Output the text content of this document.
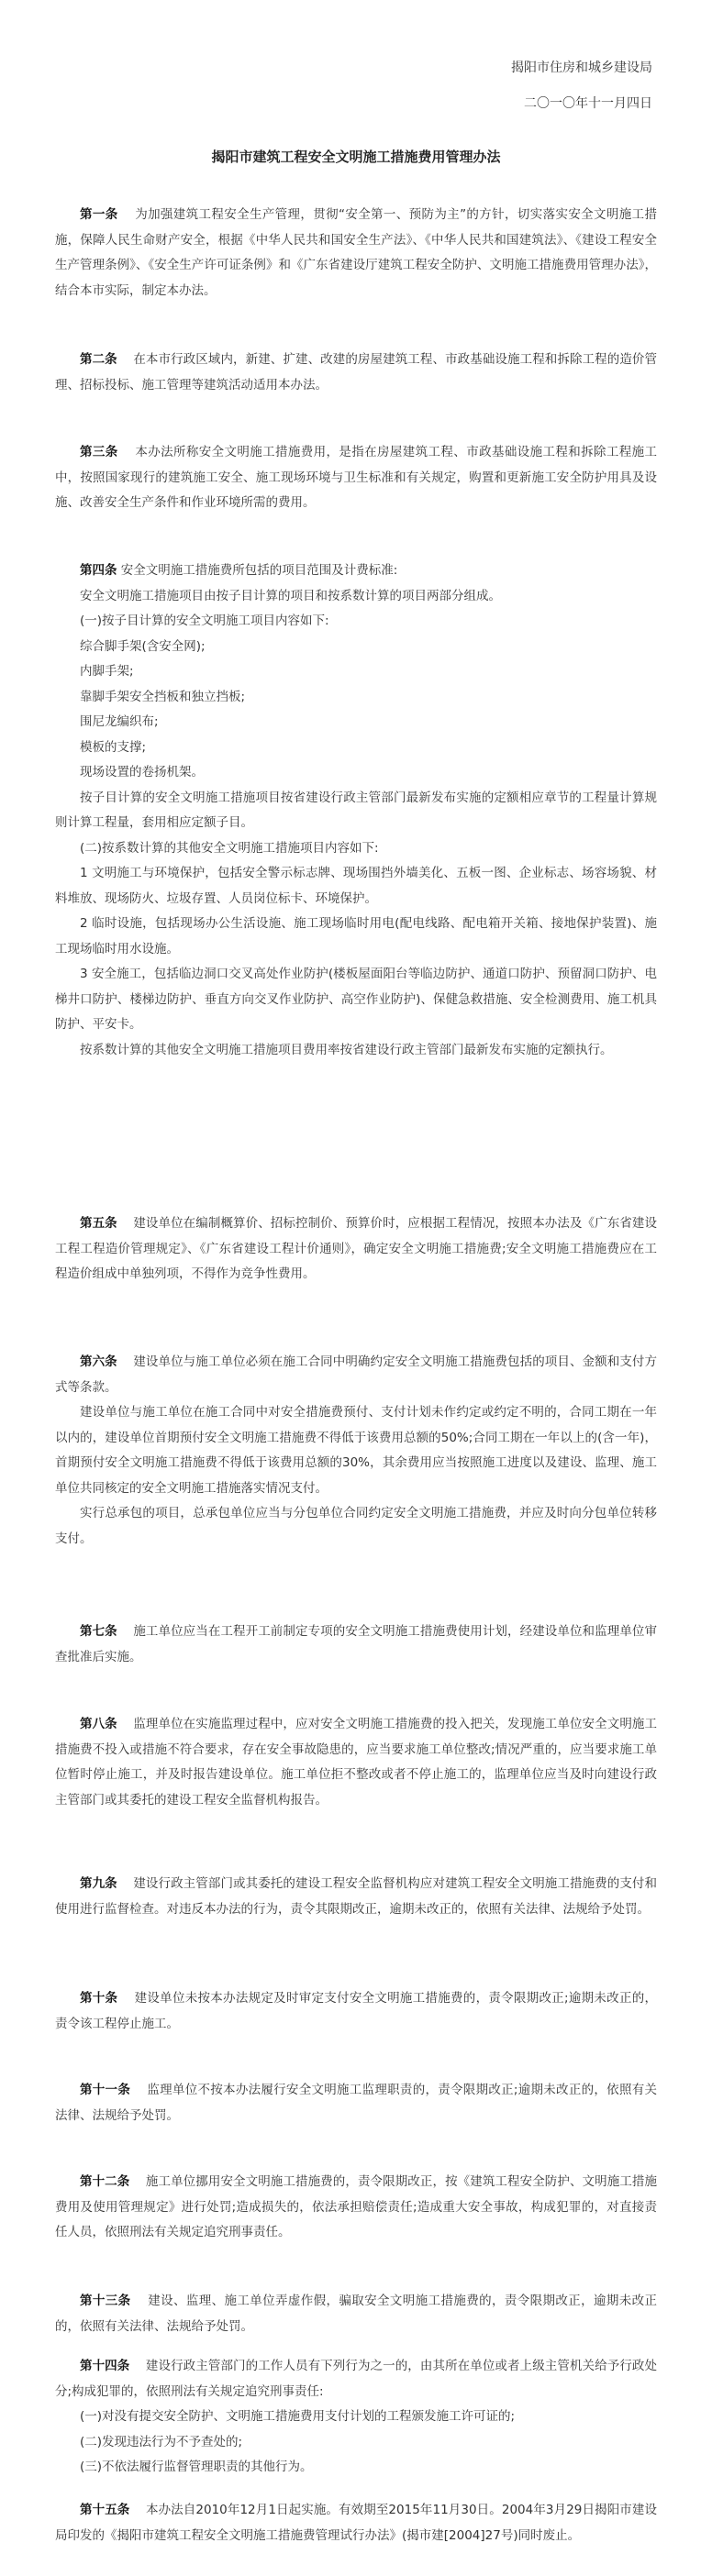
揭阳市住房和城乡建设局
二〇一〇年十一月四日
揭阳市建筑工程安全文明施工措施费用管理办法

第一条 为加强建筑工程安全生产管理，贯彻“安全第一、预防为主”的方针，切实落实安全文明施工措施，保障人民生命财产安全，根据《中华人民共和国安全生产法》、《中华人民共和国建筑法》、《建设工程安全生产管理条例》、《安全生产许可证条例》和《广东省建设厅建筑工程安全防护、文明施工措施费用管理办法》，结合本市实际，制定本办法。

第二条 在本市行政区域内，新建、扩建、改建的房屋建筑工程、市政基础设施工程和拆除工程的造价管理、招标投标、施工管理等建筑活动适用本办法。

第三条 本办法所称安全文明施工措施费用，是指在房屋建筑工程、市政基础设施工程和拆除工程施工中，按照国家现行的建筑施工安全、施工现场环境与卫生标准和有关规定，购置和更新施工安全防护用具及设施、改善安全生产条件和作业环境所需的费用。

第四条 安全文明施工措施费所包括的项目范围及计费标准:

安全文明施工措施项目由按子目计算的项目和按系数计算的项目两部分组成。

(一)按子目计算的安全文明施工项目内容如下:

综合脚手架(含安全网);

内脚手架;

靠脚手架安全挡板和独立挡板;

围尼龙编织布;

模板的支撑;

现场设置的卷扬机架。

按子目计算的安全文明施工措施项目按省建设行政主管部门最新发布实施的定额相应章节的工程量计算规则计算工程量，套用相应定额子目。

(二)按系数计算的其他安全文明施工措施项目内容如下:

1 文明施工与环境保护，包括安全警示标志牌、现场围挡外墙美化、五板一图、企业标志、场容场貌、材料堆放、现场防火、垃圾存置、人员岗位标卡、环境保护。

2 临时设施，包括现场办公生活设施、施工现场临时用电(配电线路、配电箱开关箱、接地保护装置)、施工现场临时用水设施。

3 安全施工，包括临边洞口交叉高处作业防护(楼板屋面阳台等临边防护、通道口防护、预留洞口防护、电梯井口防护、楼梯边防护、垂直方向交叉作业防护、高空作业防护)、保健急救措施、安全检测费用、施工机具防护、平安卡。

按系数计算的其他安全文明施工措施项目费用率按省建设行政主管部门最新发布实施的定额执行。

第五条 建设单位在编制概算价、招标控制价、预算价时，应根据工程情况，按照本办法及《广东省建设工程工程造价管理规定》、《广东省建设工程计价通则》，确定安全文明施工措施费;安全文明施工措施费应在工程造价组成中单独列项，不得作为竞争性费用。

第六条 建设单位与施工单位必须在施工合同中明确约定安全文明施工措施费包括的项目、金额和支付方式等条款。

建设单位与施工单位在施工合同中对安全措施费预付、支付计划未作约定或约定不明的，合同工期在一年以内的，建设单位首期预付安全文明施工措施费不得低于该费用总额的50%;合同工期在一年以上的(含一年)，首期预付安全文明施工措施费不得低于该费用总额的30%，其余费用应当按照施工进度以及建设、监理、施工单位共同核定的安全文明施工措施落实情况支付。

实行总承包的项目，总承包单位应当与分包单位合同约定安全文明施工措施费，并应及时向分包单位转移支付。

第七条 施工单位应当在工程开工前制定专项的安全文明施工措施费使用计划，经建设单位和监理单位审查批准后实施。

第八条 监理单位在实施监理过程中，应对安全文明施工措施费的投入把关，发现施工单位安全文明施工措施费不投入或措施不符合要求，存在安全事故隐患的，应当要求施工单位整改;情况严重的，应当要求施工单位暂时停止施工，并及时报告建设单位。施工单位拒不整改或者不停止施工的，监理单位应当及时向建设行政主管部门或其委托的建设工程安全监督机构报告。

第九条 建设行政主管部门或其委托的建设工程安全监督机构应对建筑工程安全文明施工措施费的支付和使用进行监督检查。对违反本办法的行为，责令其限期改正，逾期未改正的，依照有关法律、法规给予处罚。

第十条 建设单位未按本办法规定及时审定支付安全文明施工措施费的，责令限期改正;逾期未改正的，责令该工程停止施工。

第十一条 监理单位不按本办法履行安全文明施工监理职责的，责令限期改正;逾期未改正的，依照有关法律、法规给予处罚。

第十二条 施工单位挪用安全文明施工措施费的，责令限期改正，按《建筑工程安全防护、文明施工措施费用及使用管理规定》进行处罚;造成损失的，依法承担赔偿责任;造成重大安全事故，构成犯罪的，对直接责任人员，依照刑法有关规定追究刑事责任。

第十三条 建设、监理、施工单位弄虚作假，骗取安全文明施工措施费的，责令限期改正，逾期未改正的，依照有关法律、法规给予处罚。

第十四条 建设行政主管部门的工作人员有下列行为之一的，由其所在单位或者上级主管机关给予行政处分;构成犯罪的，依照刑法有关规定追究刑事责任:

(一)对没有提交安全防护、文明施工措施费用支付计划的工程颁发施工许可证的;

(二)发现违法行为不予查处的;

(三)不依法履行监督管理职责的其他行为。

第十五条 本办法自2010年12月1日起实施。有效期至2015年11月30日。2004年3月29日揭阳市建设局印发的《揭阳市建筑工程安全文明施工措施费管理试行办法》(揭市建[2004]27号)同时废止。
